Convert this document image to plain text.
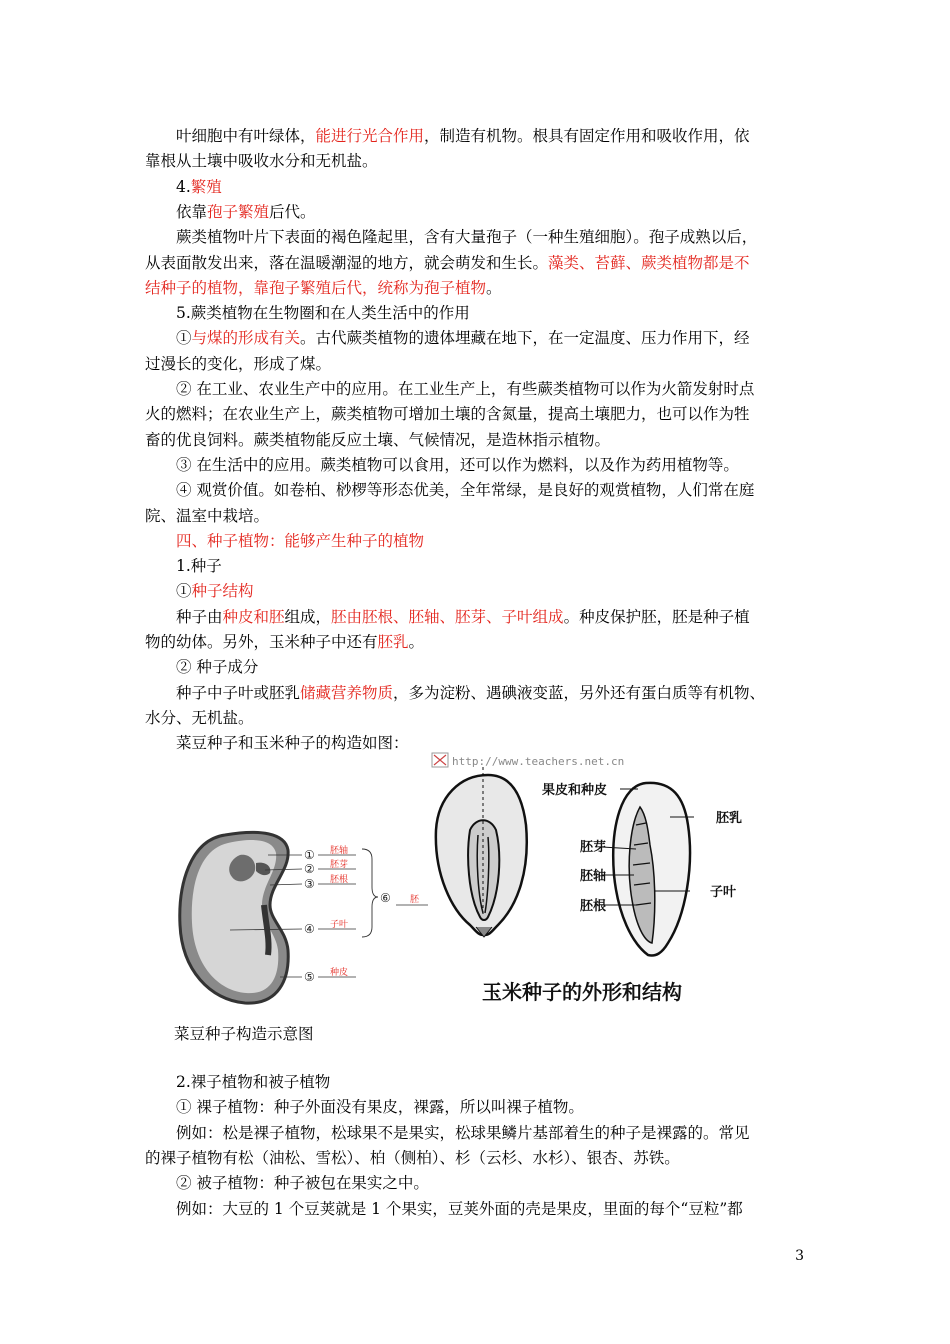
叶细胞中有叶绿体，能进行光合作用，制造有机物。根具有固定作用和吸收作用，依
靠根从土壤中吸收水分和无机盐。
4.繁殖
依靠孢子繁殖后代。
蕨类植物叶片下表面的褐色隆起里，含有大量孢子（一种生殖细胞）。孢子成熟以后，
从表面散发出来，落在温暖潮湿的地方，就会萌发和生长。藻类、苔藓、蕨类植物都是不
结种子的植物，靠孢子繁殖后代，统称为孢子植物。
5.蕨类植物在生物圈和在人类生活中的作用
①与煤的形成有关。古代蕨类植物的遗体埋藏在地下，在一定温度、压力作用下，经
过漫长的变化，形成了煤。
② 在工业、农业生产中的应用。在工业生产上，有些蕨类植物可以作为火箭发射时点
火的燃料；在农业生产上，蕨类植物可增加土壤的含氮量，提高土壤肥力，也可以作为牲
畜的优良饲料。蕨类植物能反应土壤、气候情况，是造林指示植物。
③ 在生活中的应用。蕨类植物可以食用，还可以作为燃料，以及作为药用植物等。
④ 观赏价值。如卷柏、桫椤等形态优美，全年常绿，是良好的观赏植物，人们常在庭
院、温室中栽培。
四、种子植物：能够产生种子的植物
1.种子
①种子结构
种子由种皮和胚组成，胚由胚根、胚轴、胚芽、子叶组成。种皮保护胚，胚是种子植
物的幼体。另外，玉米种子中还有胚乳。
② 种子成分
种子中子叶或胚乳储藏营养物质，多为淀粉、遇碘液变蓝，另外还有蛋白质等有机物、
水分、无机盐。
菜豆种子和玉米种子的构造如图：
http://www.teachers.net.cn
①
②
③
④
⑤
⑥
胚轴
胚芽
胚根
子叶
种皮
胚
果皮和种皮
胚乳
胚芽
胚轴
胚根
子叶
玉米种子的外形和结构
菜豆种子构造示意图
2.裸子植物和被子植物
① 裸子植物：种子外面没有果皮，裸露，所以叫裸子植物。
例如：松是裸子植物，松球果不是果实，松球果鳞片基部着生的种子是裸露的。常见
的裸子植物有松（油松、雪松）、柏（侧柏）、杉（云杉、水杉）、银杏、苏铁。
② 被子植物：种子被包在果实之中。
例如：大豆的 1 个豆荚就是 1 个果实，豆荚外面的壳是果皮，里面的每个“豆粒”都
3
